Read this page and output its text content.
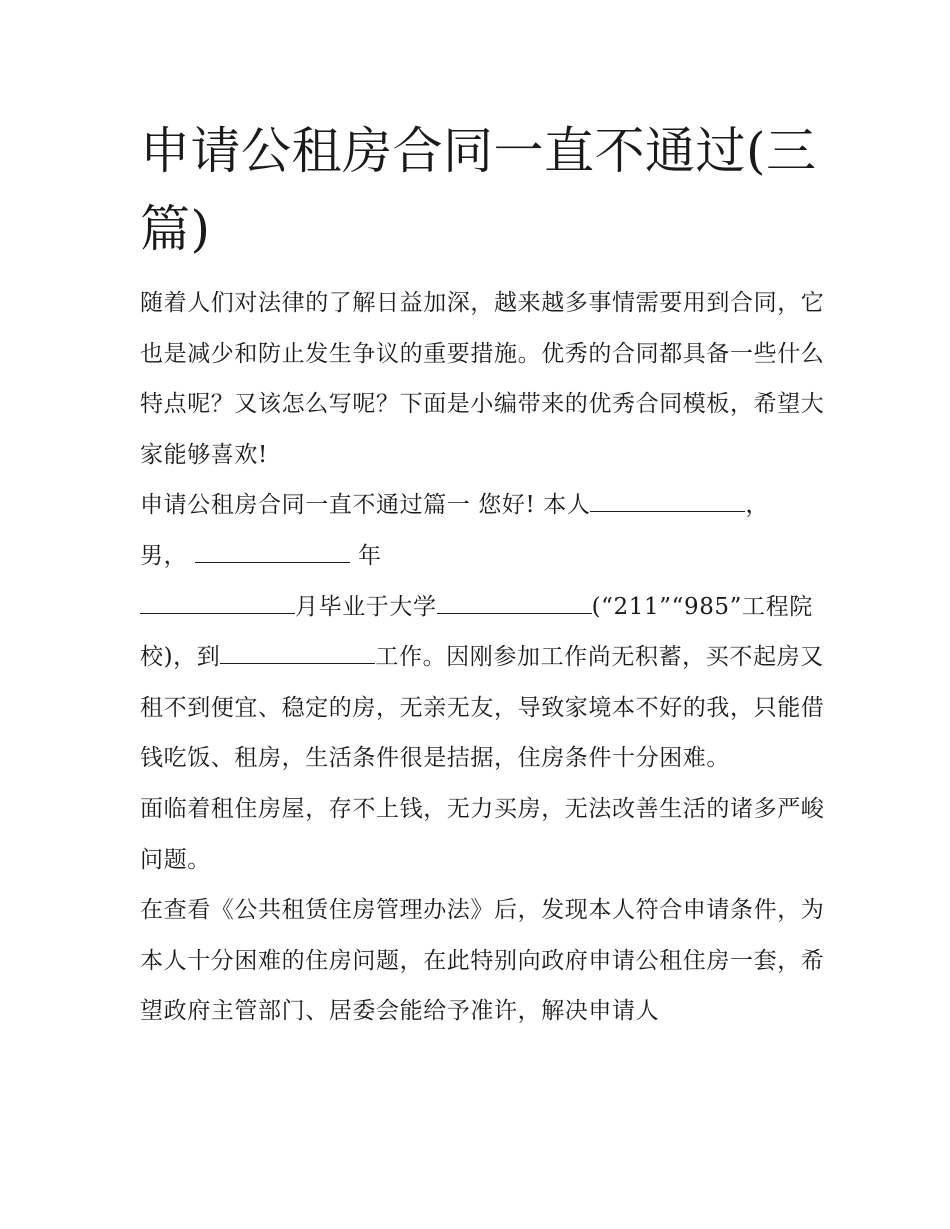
申请公租房合同一直不通过(三篇)

随着人们对法律的了解日益加深，越来越多事情需要用到合同，它也是减少和防止发生争议的重要措施。优秀的合同都具备一些什么特点呢？又该怎么写呢？下面是小编带来的优秀合同模板，希望大家能够喜欢!

申请公租房合同一直不通过篇一 您好! 本人	，
男，	年
月毕业于大学	(“211”“985”工程院校)，到	工作。因刚参加工作尚无积蓄，买不起房又租不到便宜、稳定的房，无亲无友，导致家境本不好的我，只能借钱吃饭、租房，生活条件很是拮据，住房条件十分困难。

面临着租住房屋，存不上钱，无力买房，无法改善生活的诸多严峻问题。

在查看《公共租赁住房管理办法》后，发现本人符合申请条件，为本人十分困难的住房问题，在此特别向政府申请公租住房一套，希望政府主管部门、居委会能给予准许，解决申请人
